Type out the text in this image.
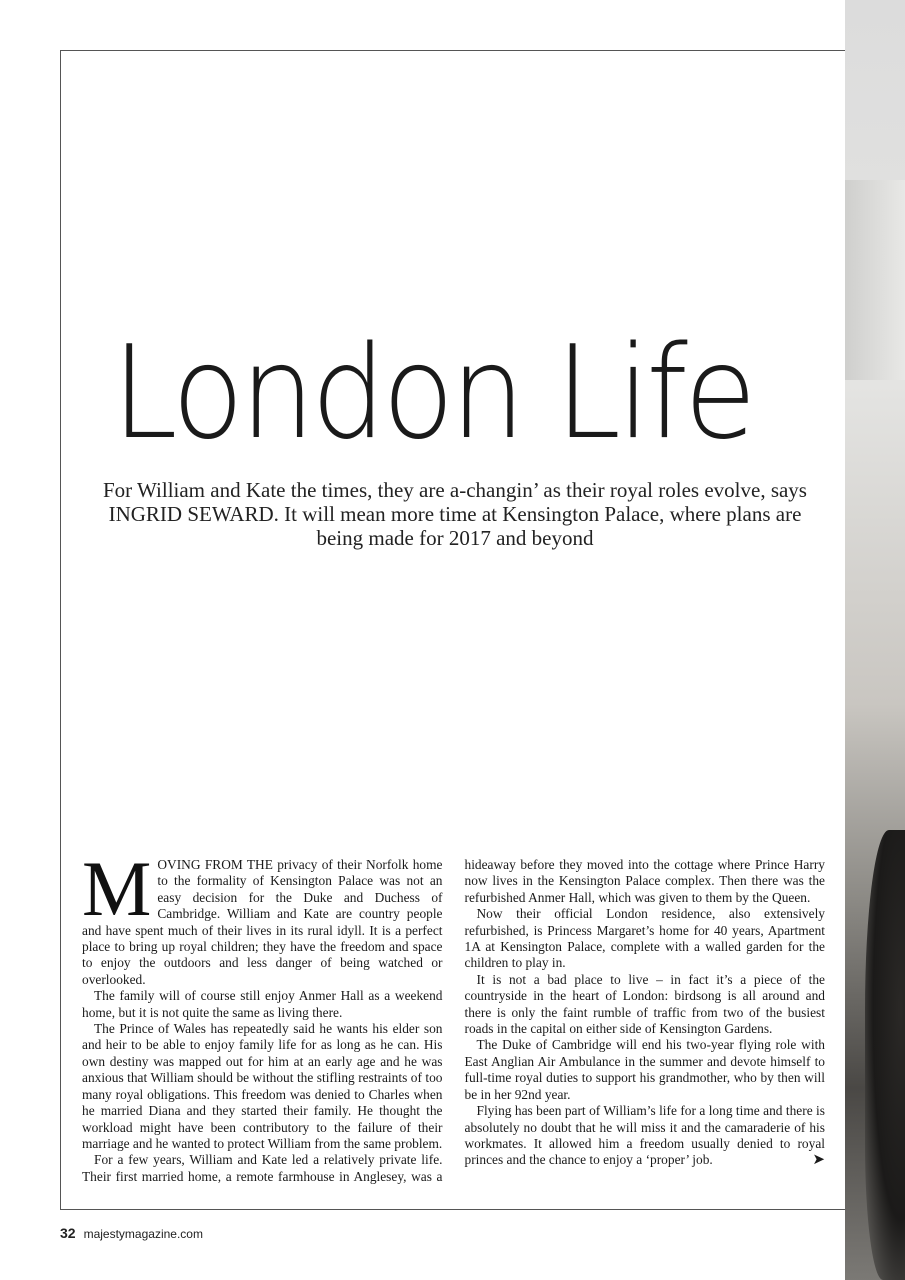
London Life
For William and Kate the times, they are a-changin’ as their royal roles evolve, says INGRID SEWARD. It will mean more time at Kensington Palace, where plans are being made for 2017 and beyond

MOVING FROM THE privacy of their Norfolk home to the formality of Kensington Palace was not an easy decision for the Duke and Duchess of Cambridge. William and Kate are country people and have spent much of their lives in its rural idyll. It is a perfect place to bring up royal children; they have the freedom and space to enjoy the outdoors and less danger of being watched or overlooked.

The family will of course still enjoy Anmer Hall as a weekend home, but it is not quite the same as living there.

The Prince of Wales has repeatedly said he wants his elder son and heir to be able to enjoy family life for as long as he can. His own destiny was mapped out for him at an early age and he was anxious that William should be without the stifling restraints of too many royal obligations. This freedom was denied to Charles when he married Diana and they started their family. He thought the workload might have been contributory to the failure of their marriage and he wanted to protect William from the same problem.

For a few years, William and Kate led a relatively private life. Their first married home, a remote farmhouse in Anglesey, was a hideaway before they moved into the cottage where Prince Harry now lives in the Kensington Palace complex. Then there was the refurbished Anmer Hall, which was given to them by the Queen.

Now their official London residence, also extensively refurbished, is Princess Margaret’s home for 40 years, Apartment 1A at Kensington Palace, complete with a walled garden for the children to play in.

It is not a bad place to live – in fact it’s a piece of the countryside in the heart of London: birdsong is all around and there is only the faint rumble of traffic from two of the busiest roads in the capital on either side of Kensington Gardens.

The Duke of Cambridge will end his two-year flying role with East Anglian Air Ambulance in the summer and devote himself to full-time royal duties to support his grandmother, who by then will be in her 92nd year.

Flying has been part of William’s life for a long time and there is absolutely no doubt that he will miss it and the camaraderie of his workmates. It allowed him a freedom usually denied to royal princes and the chance to enjoy a ‘proper’ job.	➤

32 majestymagazine.com
